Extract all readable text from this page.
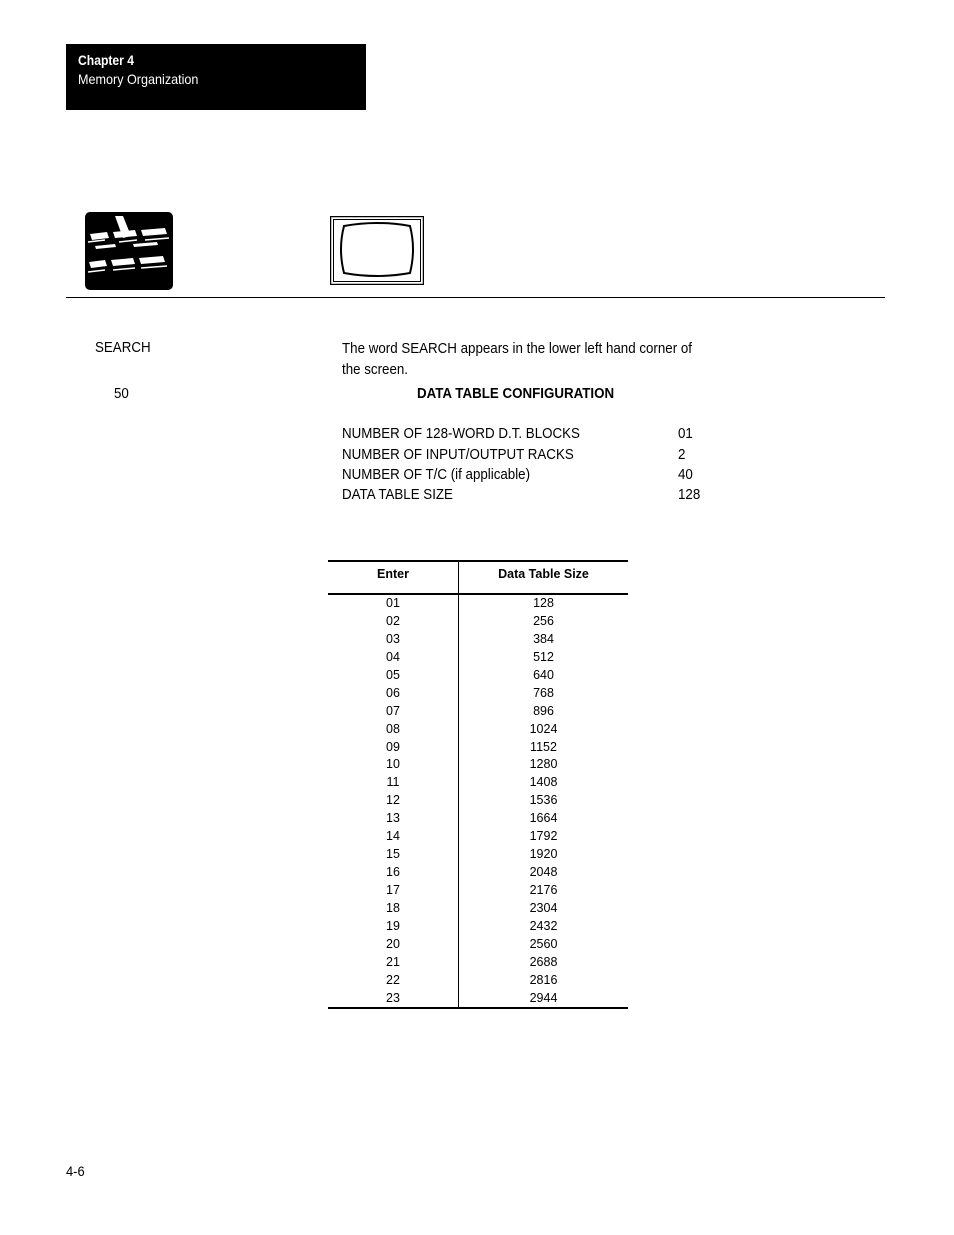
Chapter 4
Memory Organization
SEARCH	The word SEARCH appears in the lower left hand corner of
the screen.
50	DATA TABLE CONFIGURATION
NUMBER OF 128-WORD D.T. BLOCKS	01
NUMBER OF INPUT/OUTPUT RACKS	2
NUMBER OF T/C (if applicable)	40
DATA TABLE SIZE	128
Enter	Data Table Size
01	128
02	256
03	384
04	512
05	640
06	768
07	896
08	1024
09	1152
10	1280
11	1408
12	1536
13	1664
14	1792
15	1920
16	2048
17	2176
18	2304
19	2432
20	2560
21	2688
22	2816
23	2944
4-6
